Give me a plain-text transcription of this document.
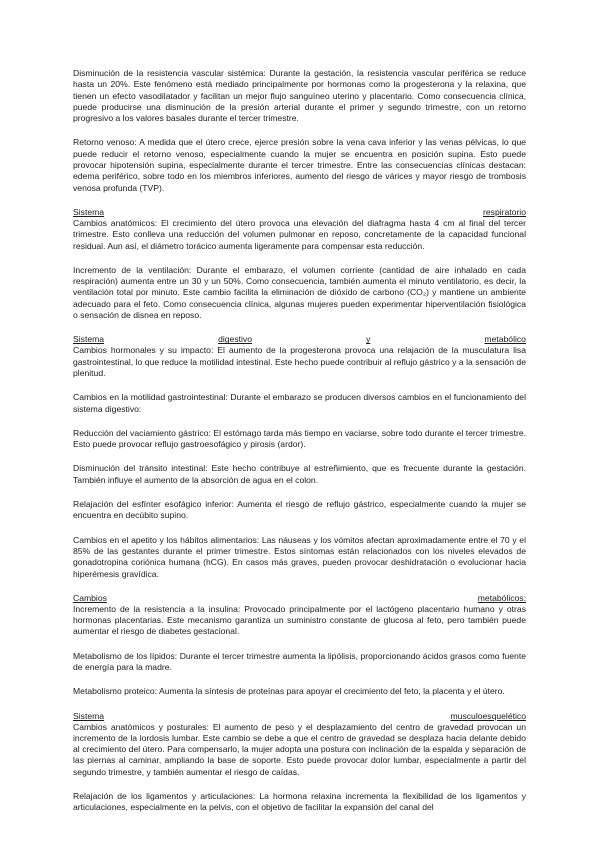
Disminución de la resistencia vascular sistémica: Durante la gestación, la resistencia vascular periférica se reduce hasta un 20%. Este fenómeno está mediado principalmente por hormonas como la progesterona y la relaxina, que tienen un efecto vasodilatador y facilitan un mejor flujo sanguíneo uterino y placentario. Como consecuencia clínica, puede producirse una disminución de la presión arterial durante el primer y segundo trimestre, con un retorno progresivo a los valores basales durante el tercer trimestre.

Retorno venoso: A medida que el útero crece, ejerce presión sobre la vena cava inferior y las venas pélvicas, lo que puede reducir el retorno venoso, especialmente cuando la mujer se encuentra en posición supina. Esto puede provocar hipotensión supina, especialmente durante el tercer trimestre. Entre las consecuencias clínicas destacan: edema periférico, sobre todo en los miembros inferiores, aumento del riesgo de várices y mayor riesgo de trombosis venosa profunda (TVP).

Sistema	respiratorio

Cambios anatómicos: El crecimiento del útero provoca una elevación del diafragma hasta 4 cm al final del tercer trimestre. Esto conlleva una reducción del volumen pulmonar en reposo, concretamente de la capacidad funcional residual. Aun así, el diámetro torácico aumenta ligeramente para compensar esta reducción.

Incremento de la ventilación: Durante el embarazo, el volumen corriente (cantidad de aire inhalado en cada respiración) aumenta entre un 30 y un 50%. Como consecuencia, también aumenta el minuto ventilatorio, es decir, la ventilación total por minuto. Este cambio facilita la eliminación de dióxido de carbono (CO₂) y mantiene un ambiente adecuado para el feto. Como consecuencia clínica, algunas mujeres pueden experimentar hiperventilación fisiológica o sensación de disnea en reposo.

Sistema	digestivo	y	metabólico

Cambios hormonales y su impacto: El aumento de la progesterona provoca una relajación de la musculatura lisa gastrointestinal, lo que reduce la motilidad intestinal. Este hecho puede contribuir al reflujo gástrico y a la sensación de plenitud.

Cambios en la motilidad gastrointestinal: Durante el embarazo se producen diversos cambios en el funcionamiento del sistema digestivo:

Reducción del vaciamiento gástrico: El estómago tarda más tiempo en vaciarse, sobre todo durante el tercer trimestre. Esto puede provocar reflujo gastroesofágico y pirosis (ardor).

Disminución del tránsito intestinal: Este hecho contribuye al estreñimiento, que es frecuente durante la gestación. También influye el aumento de la absorción de agua en el colon.

Relajación del esfínter esofágico inferior: Aumenta el riesgo de reflujo gástrico, especialmente cuando la mujer se encuentra en decúbito supino.

Cambios en el apetito y los hábitos alimentarios: Las náuseas y los vómitos afectan aproximadamente entre el 70 y el 85% de las gestantes durante el primer trimestre. Estos síntomas están relacionados con los niveles elevados de gonadotropina coriónica humana (hCG). En casos más graves, pueden provocar deshidratación o evolucionar hacia hiperémesis gravídica.

Cambios	metabólicos:

Incremento de la resistencia a la insulina: Provocado principalmente por el lactógeno placentario humano y otras hormonas placentarias. Este mecanismo garantiza un suministro constante de glucosa al feto, pero también puede aumentar el riesgo de diabetes gestacional.

Metabolismo de los lípidos: Durante el tercer trimestre aumenta la lipólisis, proporcionando ácidos grasos como fuente de energía para la madre.

Metabolismo proteico: Aumenta la síntesis de proteínas para apoyar el crecimiento del feto, la placenta y el útero.

Sistema	musculoesquelético

Cambios anatómicos y posturales: El aumento de peso y el desplazamiento del centro de gravedad provocan un incremento de la lordosis lumbar. Este cambio se debe a que el centro de gravedad se desplaza hacia delante debido al crecimiento del útero. Para compensarlo, la mujer adopta una postura con inclinación de la espalda y separación de las piernas al caminar, ampliando la base de soporte. Esto puede provocar dolor lumbar, especialmente a partir del segundo trimestre, y también aumentar el riesgo de caídas.

Relajación de los ligamentos y articulaciones: La hormona relaxina incrementa la flexibilidad de los ligamentos y articulaciones, especialmente en la pelvis, con el objetivo de facilitar la expansión del canal del
